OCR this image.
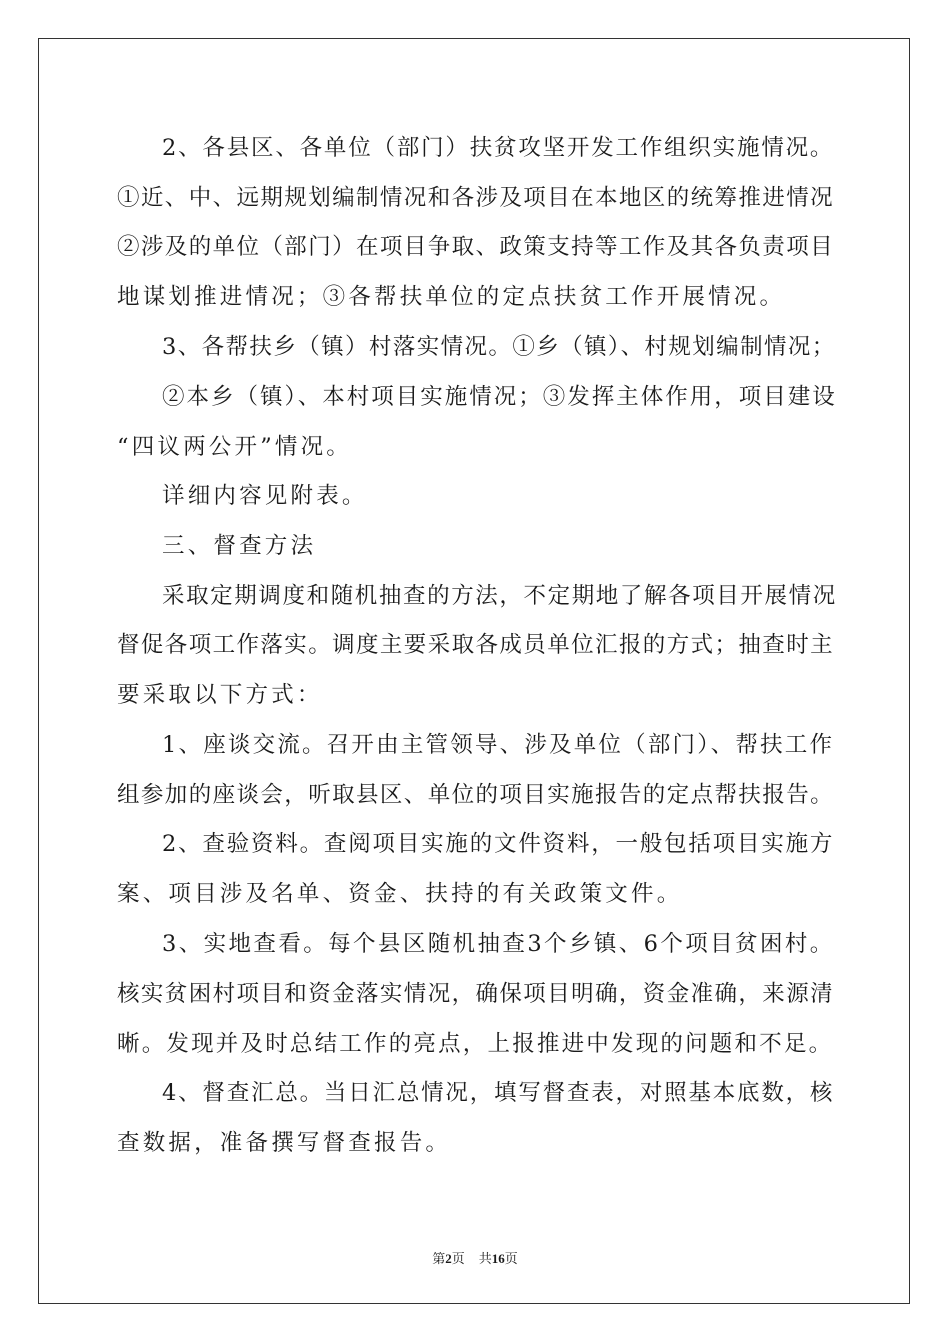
2、各县区、各单位（部门）扶贫攻坚开发工作组织实施情况。
①近、中、远期规划编制情况和各涉及项目在本地区的统筹推进情况
②涉及的单位（部门）在项目争取、政策支持等工作及其各负责项目
地谋划推进情况；③各帮扶单位的定点扶贫工作开展情况。
3、各帮扶乡（镇）村落实情况。①乡（镇）、村规划编制情况；
②本乡（镇）、本村项目实施情况；③发挥主体作用，项目建设
“四议两公开”情况。
详细内容见附表。
三、督查方法
采取定期调度和随机抽查的方法，不定期地了解各项目开展情况
督促各项工作落实。调度主要采取各成员单位汇报的方式；抽查时主
要采取以下方式：
1、座谈交流。召开由主管领导、涉及单位（部门）、帮扶工作
组参加的座谈会，听取县区、单位的项目实施报告的定点帮扶报告。
2、查验资料。查阅项目实施的文件资料，一般包括项目实施方
案、项目涉及名单、资金、扶持的有关政策文件。
3、实地查看。每个县区随机抽查3个乡镇、6个项目贫困村。
核实贫困村项目和资金落实情况，确保项目明确，资金准确，来源清
晰。发现并及时总结工作的亮点，上报推进中发现的问题和不足。
4、督查汇总。当日汇总情况，填写督查表，对照基本底数，核
查数据，准备撰写督查报告。
第2页 共16页
